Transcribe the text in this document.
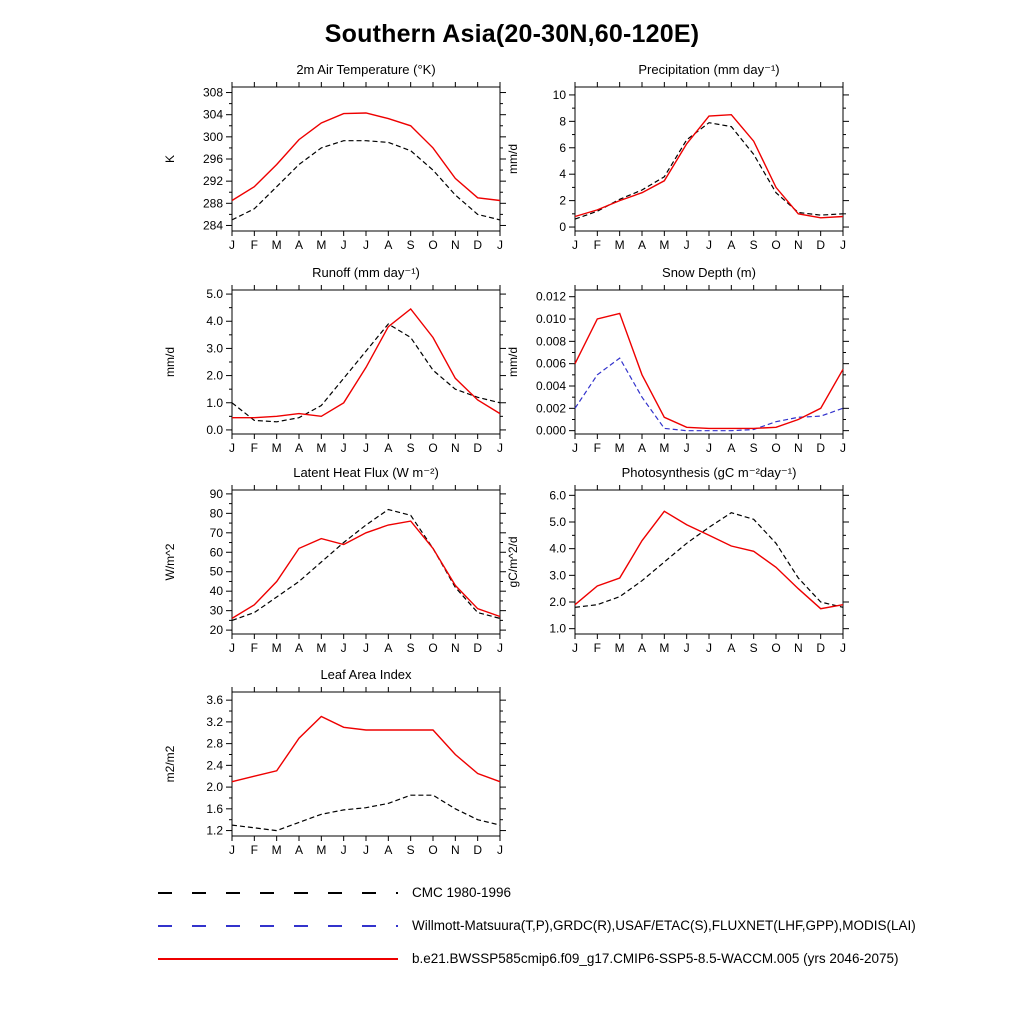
Southern Asia(20-30N,60-120E)
2m Air Temperature (°K)
K
284
288
292
296
300
304
308
J F M A M J J A S O N D J
Precipitation (mm day⁻¹)
mm/d
0
2
4
6
8
10
J F M A M J J A S O N D J
Runoff (mm day⁻¹)
mm/d
0.0
1.0
2.0
3.0
4.0
5.0
J F M A M J J A S O N D J
Snow Depth (m)
mm/d
0.000
0.002
0.004
0.006
0.008
0.010
0.012
J F M A M J J A S O N D J
Latent Heat Flux (W m⁻²)
W/m^2
20
30
40
50
60
70
80
90
J F M A M J J A S O N D J
Photosynthesis (gC m⁻²day⁻¹)
gC/m^2/d
1.0
2.0
3.0
4.0
5.0
6.0
J F M A M J J A S O N D J
Leaf Area Index
m2/m2
1.2
1.6
2.0
2.4
2.8
3.2
3.6
J F M A M J J A S O N D J
CMC 1980-1996
Willmott-Matsuura(T,P),GRDC(R),USAF/ETAC(S),FLUXNET(LHF,GPP),MODIS(LAI)
b.e21.BWSSP585cmip6.f09_g17.CMIP6-SSP5-8.5-WACCM.005 (yrs 2046-2075)
